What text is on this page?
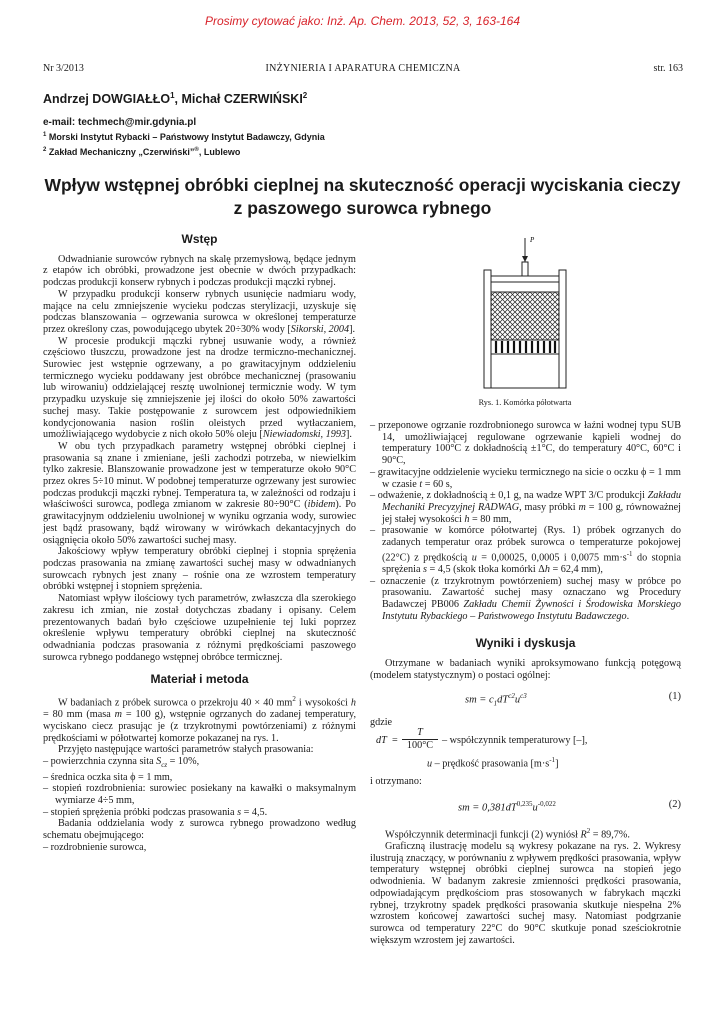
Prosimy cytować jako: Inż. Ap. Chem. 2013, 52, 3, 163-164
Nr 3/2013	INŻYNIERIA I APARATURA CHEMICZNA	str. 163
Andrzej DOWGIAŁŁO$^1$, Michał CZERWIŃSKI$^2$
e-mail: techmech@mir.gdynia.pl
$^1$ Morski Instytut Rybacki – Państwowy Instytut Badawczy, Gdynia
$^2$ Zakład Mechaniczny „Czerwiński”®, Lublewo
Wpływ wstępnej obróbki cieplnej na skuteczność operacji wyciskania cieczy
z paszowego surowca rybnego
Wstęp

Odwadnianie surowców rybnych na skalę przemysłową, będące jednym z etapów ich obróbki, prowadzone jest obecnie w dwóch przypadkach: podczas produkcji konserw rybnych i podczas produkcji mączki rybnej.

W przypadku produkcji konserw rybnych usunięcie nadmiaru wody, mające na celu zmniejszenie wycieku podczas sterylizacji, uzyskuje się podczas blanszowania – ogrzewania surowca w określonej temperaturze przez określony czas, powodującego ubytek 20÷30% wody [Sikorski, 2004].

W procesie produkcji mączki rybnej usuwanie wody, a również częściowo tłuszczu, prowadzone jest na drodze termiczno-mechanicznej. Surowiec jest wstępnie ogrzewany, a po grawitacyjnym oddzieleniu termicznego wycieku poddawany jest obróbce mechanicznej (prasowaniu lub wirowaniu) oddzielającej resztę uwolnionej termicznie wody. W tym przypadku uzyskuje się zmniejszenie jej ilości do około 50% zawartości suchej masy. Takie postępowanie z surowcem jest odpowiednikiem kondycjonowania nasion roślin oleistych przed wytłaczaniem, umożliwiającego wydobycie z nich około 50% oleju [Niewiadomski, 1993].

W obu tych przypadkach parametry wstępnej obróbki cieplnej i prasowania są znane i zmieniane, jeśli zachodzi potrzeba, w niewielkim tylko zakresie. Blanszowanie prowadzone jest w temperaturze około 90°C przez okres 5÷10 minut. W podobnej temperaturze ogrzewany jest surowiec podczas produkcji mączki rybnej. Temperatura ta, w zależności od rodzaju i właściwości surowca, podlega zmianom w zakresie 80÷90°C (ibidem). Po grawitacyjnym oddzieleniu uwolnionej w wyniku ogrzania wody, surowiec jest bądź prasowany, bądź wirowany w wirówkach dekantacyjnych do osiągnięcia około 50% zawartości suchej masy.

Jakościowy wpływ temperatury obróbki cieplnej i stopnia sprężenia podczas prasowania na zmianę zawartości suchej masy w odwadnianych surowcach rybnych jest znany – rośnie ona ze wzrostem temperatury obróbki wstępnej i stopniem sprężenia.

Natomiast wpływ ilościowy tych parametrów, zwłaszcza dla szerokiego zakresu ich zmian, nie został dotychczas zbadany i opisany. Celem prezentowanych badań było częściowe uzupełnienie tej luki poprzez określenie wpływu temperatury obróbki cieplnej na skuteczność odwadniania podczas prasowania z różnymi prędkościami paszowego surowca rybnego poddanego wstępnej obróbce termicznej.

Materiał i metoda

W badaniach z próbek surowca o przekroju 40 × 40 $mm^2$ i wysokości h = 80 mm (masa m = 100 g), wstępnie ogrzanych do zadanej temperatury, wyciskano ciecz prasując je (z trzykrotnymi powtórzeniami) z różnymi prędkościami w półotwartej komorze pokazanej na rys. 1.

Przyjęto następujące wartości parametrów stałych prasowania:

– powierzchnia czynna sita $S_{cz} = 10\%$,

– średnica oczka sita ϕ = 1 mm,

– stopień rozdrobnienia: surowiec posiekany na kawałki o maksymalnym wymiarze 4÷5 mm,

– stopień sprężenia próbki podczas prasowania s = 4,5.

Badania oddzielania wody z surowca rybnego prowadzono według schematu obejmującego:

– rozdrobnienie surowca,

P
Rys. 1. Komórka półotwarta

– przeponowe ogrzanie rozdrobnionego surowca w łaźni wodnej typu SUB 14, umożliwiającej regulowane ogrzewanie kąpieli wodnej do temperatury 100°C z dokładnością ±1°C, do temperatury 40°C, 60°C i 90°C,

– grawitacyjne oddzielenie wycieku termicznego na sicie o oczku ϕ = 1 mm w czasie t = 60 s,

– odważenie, z dokładnością ± 0,1 g, na wadze WPT 3/C produkcji Zakładu Mechaniki Precyzyjnej RADWAG, masy próbki m = 100 g, równoważnej jej stałej wysokości h = 80 mm,

– prasowanie w komórce półotwartej (Rys. 1) próbek ogrzanych do zadanych temperatur oraz próbek surowca o temperaturze pokojowej (22°C) z prędkością u = 0,00025, 0,0005 i 0,0075 $mm\cdot s^{-1}$ do stopnia sprężenia s = 4,5 (skok tłoka komórki Δh = 62,4 mm),

– oznaczenie (z trzykrotnym powtórzeniem) suchej masy w próbce po prasowaniu. Zawartość suchej masy oznaczano wg Procedury Badawczej PB006 Zakładu Chemii Żywności i Środowiska Morskiego Instytutu Rybackiego – Państwowego Instytutu Badawczego.

Wyniki i dyskusja

Otrzymane w badaniach wyniki aproksymowano funkcją potęgową (modelem statystycznym) o postaci ogólnej:

sm = $c_1dT^{c2}u^{c3}$	(1)
gdzie
dT = $\frac{T}{100^\circ C}$ – współczynnik temperaturowy [–],
u – prędkość prasowania $[m\cdot s^{-1}]$
i otrzymano:
sm = $0,381dT^{0,235}u^{-0,022}$	(2)

Współczynnik determinacji funkcji (2) wyniósł $R^2 = 89,7\%$.

Graficzną ilustrację modelu są wykresy pokazane na rys. 2. Wykresy ilustrują znaczący, w porównaniu z wpływem prędkości prasowania, wpływ temperatury wstępnej obróbki cieplnej surowca na stopień jego odwodnienia. W badanym zakresie zmienności prędkości prasowania, odpowiadającym prędkościom pras stosowanych w fabrykach mączki rybnej, trzykrotny spadek prędkości prasowania skutkuje niespełna 2% wzrostem końcowej zawartości suchej masy. Natomiast podgrzanie surowca od temperatury 22°C do 90°C skutkuje ponad sześciokrotnie większym wzrostem jej zawartości.
